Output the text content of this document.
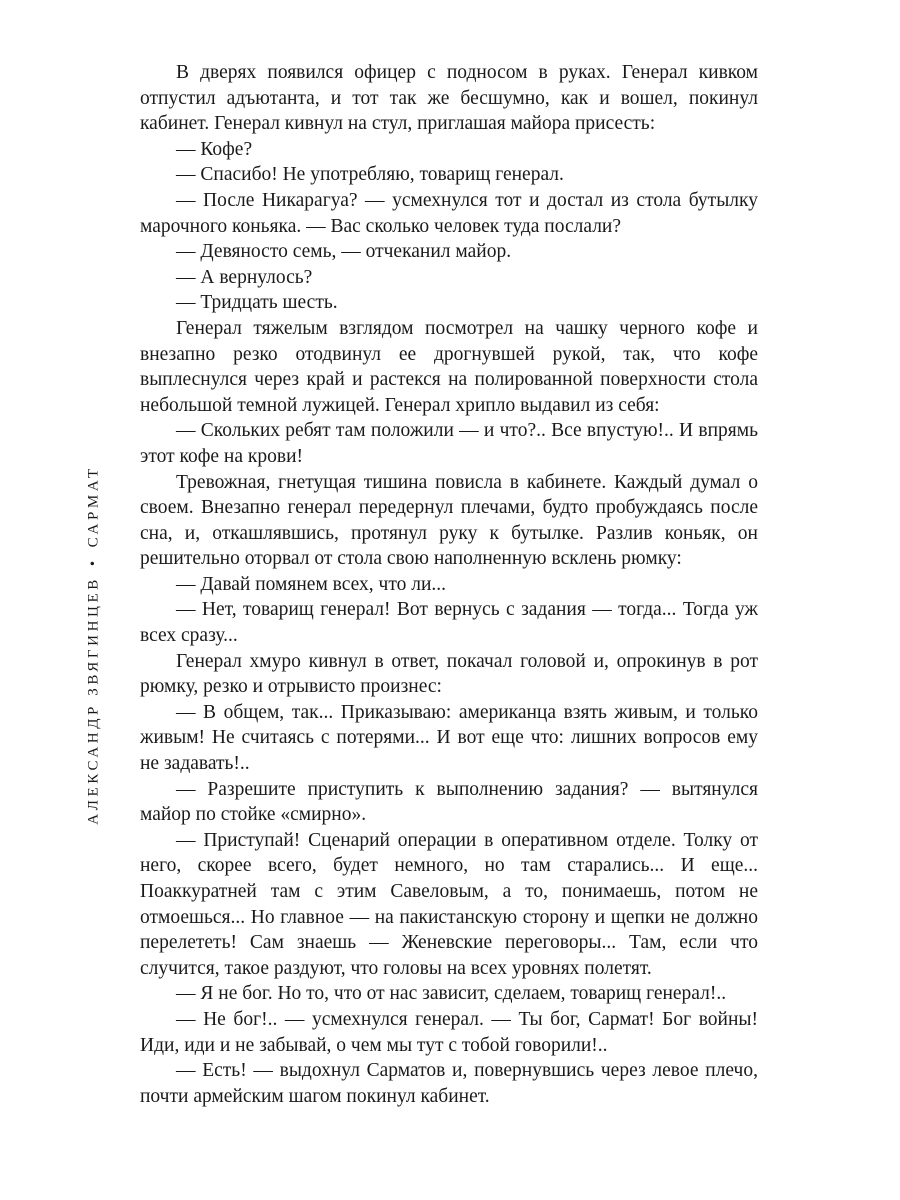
АЛЕКСАНДР ЗВЯГИНЦЕВ•САРМАТ

В дверях появился офицер с подносом в руках. Генерал кивком отпустил адъютанта, и тот так же бесшумно, как и вошел, покинул кабинет. Генерал кивнул на стул, приглашая майора присесть:

— Кофе?

— Спасибо! Не употребляю, товарищ генерал.

— После Никарагуа? — усмехнулся тот и достал из стола бутылку марочного коньяка. — Вас сколько человек туда послали?

— Девяносто семь, — отчеканил майор.

— А вернулось?

— Тридцать шесть.

Генерал тяжелым взглядом посмотрел на чашку черного кофе и внезапно резко отодвинул ее дрогнувшей рукой, так, что кофе выплеснулся через край и растекся на полированной поверхности стола небольшой темной лужицей. Генерал хрипло выдавил из себя:

— Скольких ребят там положили — и что?.. Все впустую!.. И впрямь этот кофе на крови!

Тревожная, гнетущая тишина повисла в кабинете. Каждый думал о своем. Внезапно генерал передернул плечами, будто пробуждаясь после сна, и, откашлявшись, протянул руку к бутылке. Разлив коньяк, он решительно оторвал от стола свою наполненную всклень рюмку:

— Давай помянем всех, что ли...

— Нет, товарищ генерал! Вот вернусь с задания — тогда... Тогда уж всех сразу...

Генерал хмуро кивнул в ответ, покачал головой и, опрокинув в рот рюмку, резко и отрывисто произнес:

— В общем, так... Приказываю: американца взять живым, и только живым! Не считаясь с потерями... И вот еще что: лишних вопросов ему не задавать!..

— Разрешите приступить к выполнению задания? — вытянулся майор по стойке «смирно».

— Приступай! Сценарий операции в оперативном отделе. Толку от него, скорее всего, будет немного, но там старались... И еще... Поаккуратней там с этим Савеловым, а то, понимаешь, потом не отмоешься... Но главное — на пакистанскую сторону и щепки не должно перелететь! Сам знаешь — Женевские переговоры... Там, если что случится, такое раздуют, что головы на всех уровнях полетят.

— Я не бог. Но то, что от нас зависит, сделаем, товарищ генерал!..

— Не бог!.. — усмехнулся генерал. — Ты бог, Сармат! Бог войны! Иди, иди и не забывай, о чем мы тут с тобой говорили!..

— Есть! — выдохнул Сарматов и, повернувшись через левое плечо, почти армейским шагом покинул кабинет.
